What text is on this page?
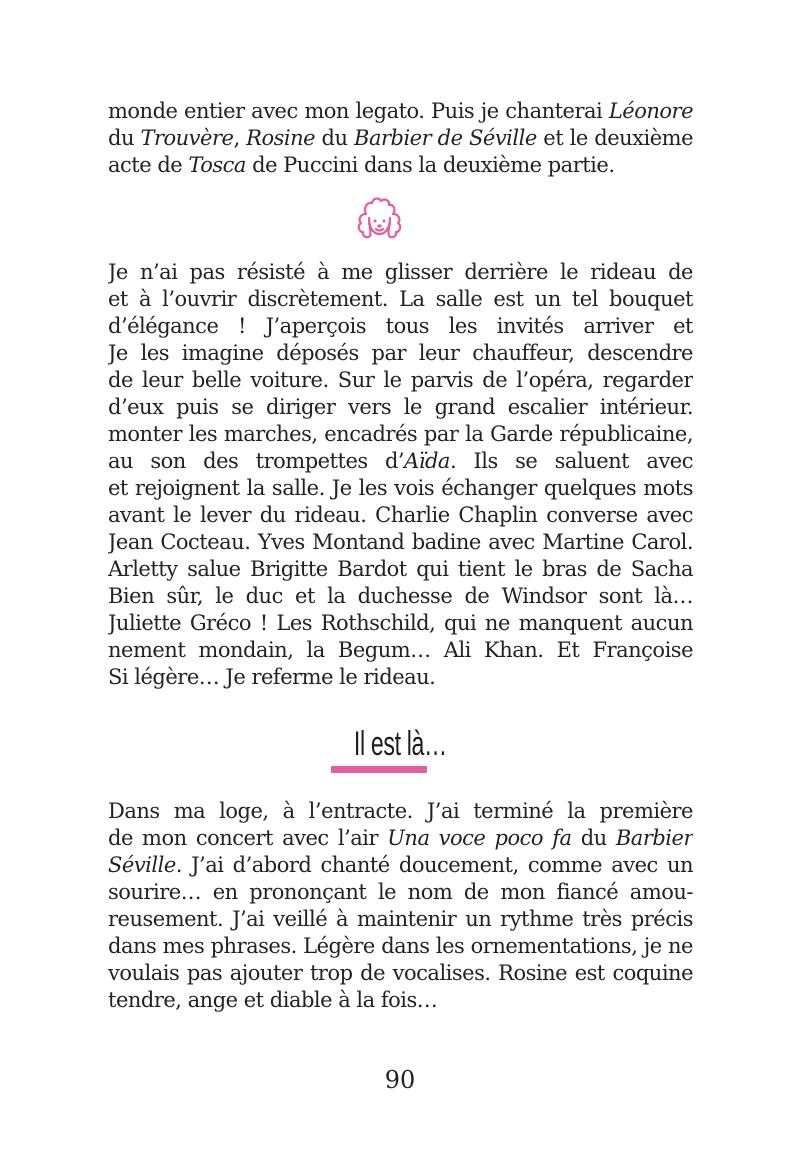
monde entier avec mon legato. Puis je chanterai Léonore
du Trouvère, Rosine du Barbier de Séville et le deuxième
acte de Tosca de Puccini dans la deuxième partie.
Je n’ai pas résisté à me glisser derrière le rideau de
et à l’ouvrir discrètement. La salle est un tel bouquet
d’élégance ! J’aperçois tous les invités arriver et
Je les imagine déposés par leur chauffeur, descendre
de leur belle voiture. Sur le parvis de l’opéra, regarder
d’eux puis se diriger vers le grand escalier intérieur.
monter les marches, encadrés par la Garde républicaine,
au son des trompettes d’Aïda. Ils se saluent avec
et rejoignent la salle. Je les vois échanger quelques mots
avant le lever du rideau. Charlie Chaplin converse avec
Jean Cocteau. Yves Montand badine avec Martine Carol.
Arletty salue Brigitte Bardot qui tient le bras de Sacha
Bien sûr, le duc et la duchesse de Windsor sont là…
Juliette Gréco ! Les Rothschild, qui ne manquent aucun
nement mondain, la Begum… Ali Khan. Et Françoise
Si légère… Je referme le rideau.
Il est là…
Dans ma loge, à l’entracte. J’ai terminé la première
de mon concert avec l’air Una voce poco fa du Barbier
Séville. J’ai d’abord chanté doucement, comme avec un
sourire… en prononçant le nom de mon fiancé amou-
reusement. J’ai veillé à maintenir un rythme très précis
dans mes phrases. Légère dans les ornementations, je ne
voulais pas ajouter trop de vocalises. Rosine est coquine
tendre, ange et diable à la fois…
90
